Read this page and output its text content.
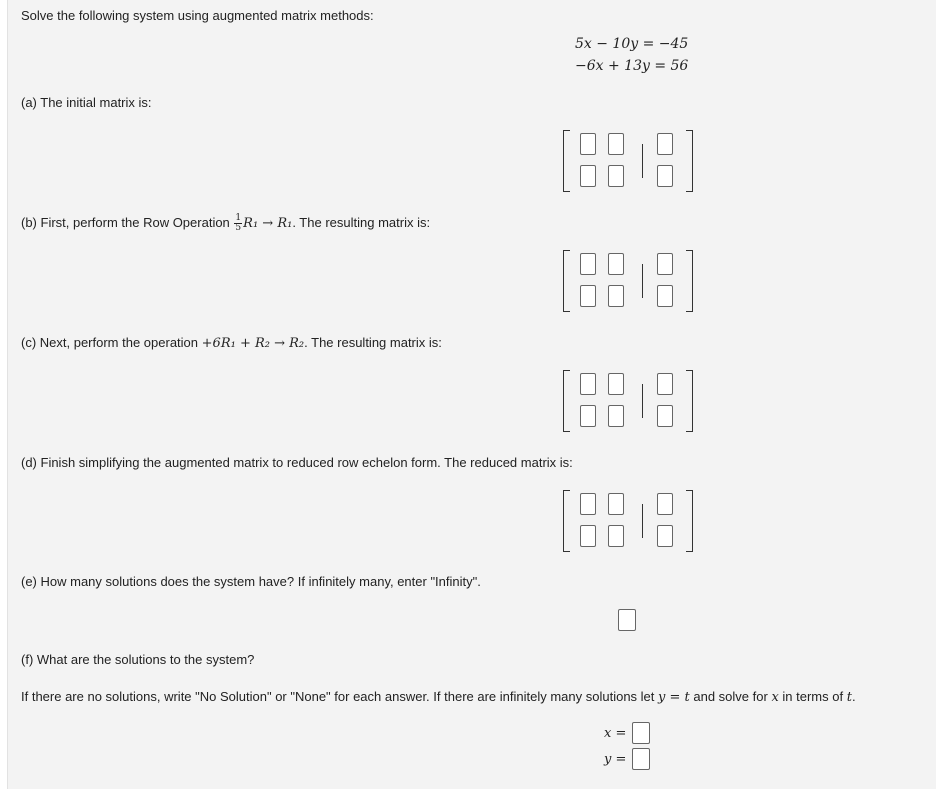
Solve the following system using augmented matrix methods:
5x − 10y = −45
−6x + 13y = 56
(a) The initial matrix is:
(b) First, perform the Row Operation $\frac{1}{5} R_1 \to R_1$. The resulting matrix is:
(c) Next, perform the operation +6R₁ + R₂ → R₂. The resulting matrix is:
(d) Finish simplifying the augmented matrix to reduced row echelon form. The reduced matrix is:
(e) How many solutions does the system have? If infinitely many, enter "Infinity".
(f) What are the solutions to the system?
If there are no solutions, write "No Solution" or "None" for each answer. If there are infinitely many solutions let y = t and solve for x in terms of t.
x =
y =
